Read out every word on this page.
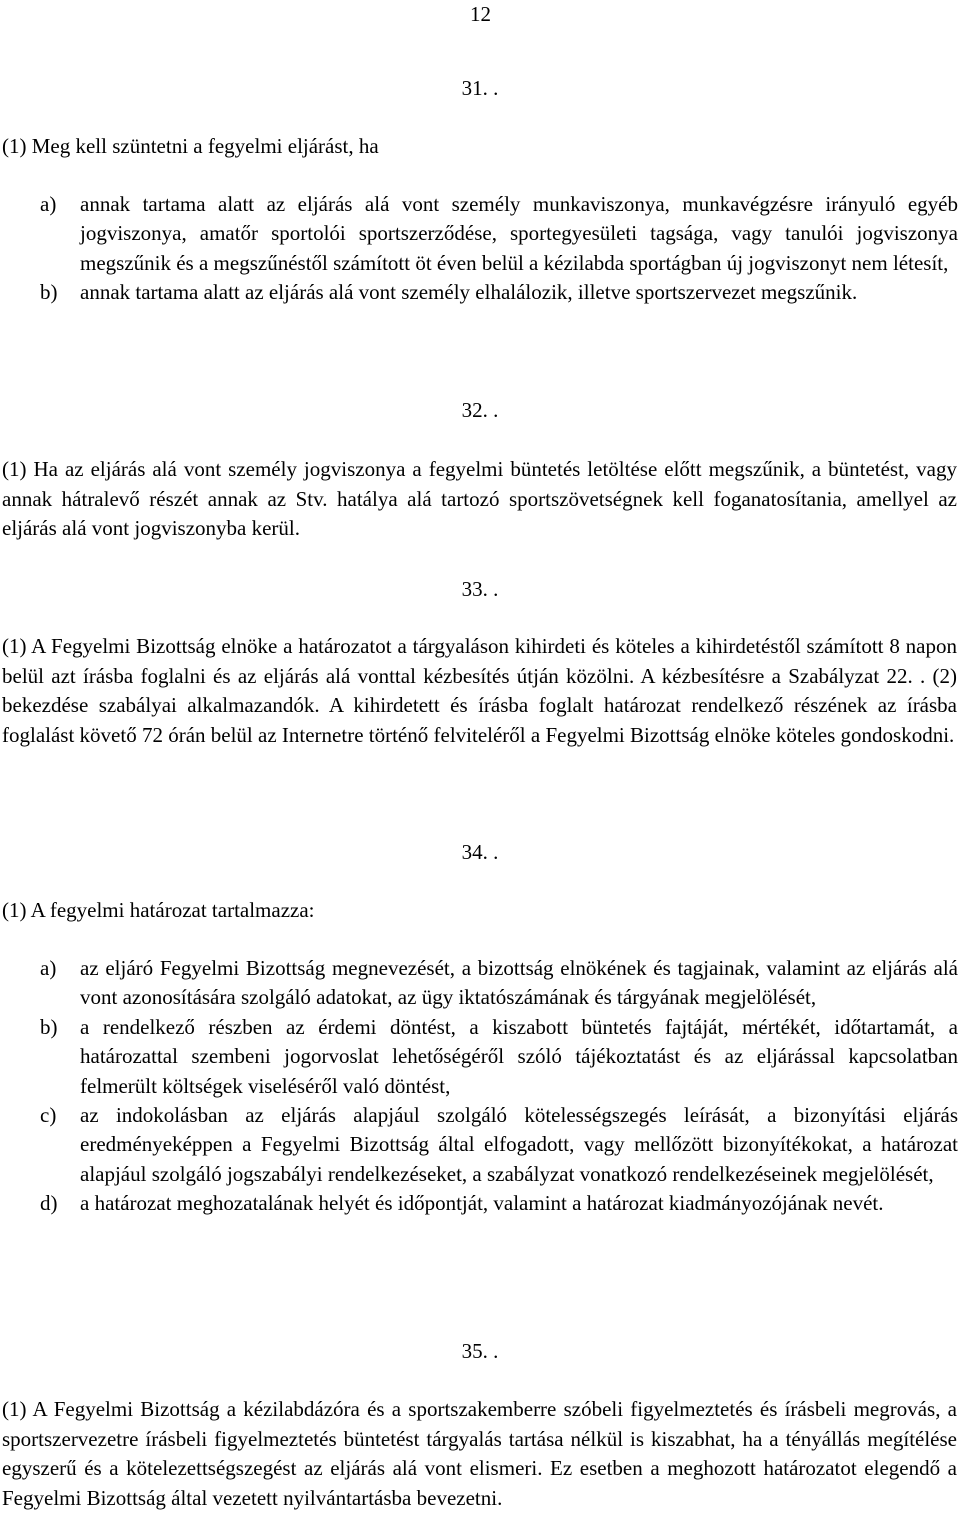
12
31. .

(1) Meg kell szüntetni a fegyelmi eljárást, ha

a) annak tartama alatt az eljárás alá vont személy munkaviszonya, munkavégzésre irányuló egyéb jogviszonya, amatőr sportolói sportszerződése, sportegyesületi tagsága, vagy tanulói jogviszonya megszűnik és a megszűnéstől számított öt éven belül a kézilabda sportágban új jogviszonyt nem létesít,
b) annak tartama alatt az eljárás alá vont személy elhalálozik, illetve sportszervezet megszűnik.
32. .

(1) Ha az eljárás alá vont személy jogviszonya a fegyelmi büntetés letöltése előtt megszűnik, a büntetést, vagy annak hátralevő részét annak az Stv. hatálya alá tartozó sportszövetségnek kell foganatosítania, amellyel az eljárás alá vont jogviszonyba kerül.

33. .

(1) A Fegyelmi Bizottság elnöke a határozatot a tárgyaláson kihirdeti és köteles a kihirdetéstől számított 8 napon belül azt írásba foglalni és az eljárás alá vonttal kézbesítés útján közölni. A kézbesítésre a Szabályzat 22. . (2) bekezdése szabályai alkalmazandók. A kihirdetett és írásba foglalt határozat rendelkező részének az írásba foglalást követő 72 órán belül az Internetre történő felviteléről a Fegyelmi Bizottság elnöke köteles gondoskodni.

34. .

(1) A fegyelmi határozat tartalmazza:

a) az eljáró Fegyelmi Bizottság megnevezését, a bizottság elnökének és tagjainak, valamint az eljárás alá vont azonosítására szolgáló adatokat, az ügy iktatószámának és tárgyának megjelölését,
b) a rendelkező részben az érdemi döntést, a kiszabott büntetés fajtáját, mértékét, időtartamát, a határozattal szembeni jogorvoslat lehetőségéről szóló tájékoztatást és az eljárással kapcsolatban felmerült költségek viseléséről való döntést,
c) az indokolásban az eljárás alapjául szolgáló kötelességszegés leírását, a bizonyítási eljárás eredményeképpen a Fegyelmi Bizottság által elfogadott, vagy mellőzött bizonyítékokat, a határozat alapjául szolgáló jogszabályi rendelkezéseket, a szabályzat vonatkozó rendelkezéseinek megjelölését,
d) a határozat meghozatalának helyét és időpontját, valamint a határozat kiadmányozójának nevét.
35. .

(1) A Fegyelmi Bizottság a kézilabdázóra és a sportszakemberre szóbeli figyelmeztetés és írásbeli megrovás, a sportszervezetre írásbeli figyelmeztetés büntetést tárgyalás tartása nélkül is kiszabhat, ha a tényállás megítélése egyszerű és a kötelezettségszegést az eljárás alá vont elismeri. Ez esetben a meghozott határozatot elegendő a Fegyelmi Bizottság által vezetett nyilvántartásba bevezetni.
